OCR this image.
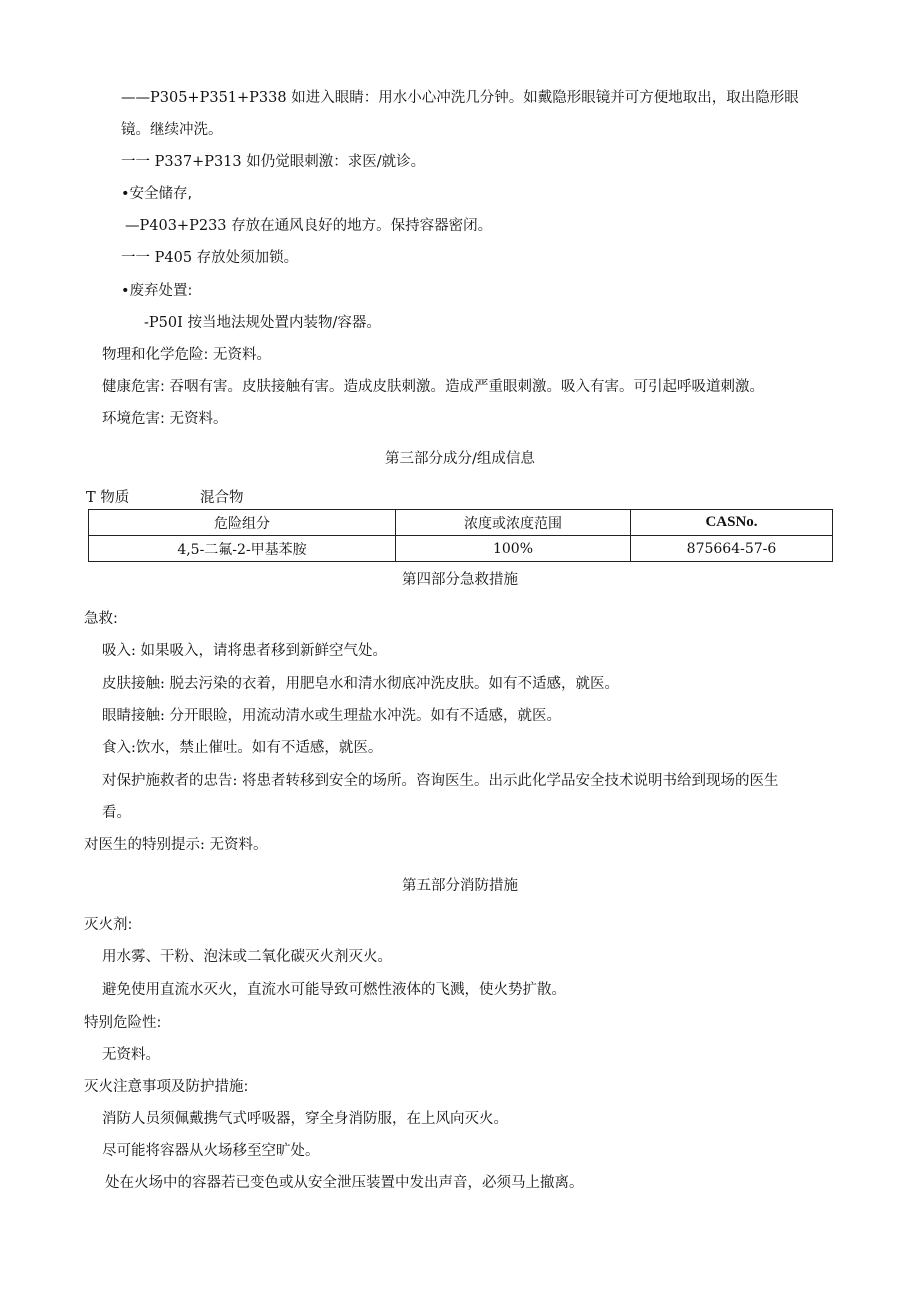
——P305+P351+P338 如进入眼睛：用水小心冲洗几分钟。如戴隐形眼镜并可方便地取出，取出隐形眼
镜。继续冲洗。
一一 P337+P313 如仍觉眼刺激：求医/就诊。
•安全储存,
—P403+P233 存放在通风良好的地方。保持容器密闭。
一一 P405 存放处须加锁。
•废弃处置:
-P50I 按当地法规处置内装物/容器。
物理和化学危险: 无资料。
健康危害: 吞咽有害。皮肤接触有害。造成皮肤刺激。造成严重眼刺激。吸入有害。可引起呼吸道刺激。
环境危害: 无资料。
第三部分成分/组成信息
T 物质	混合物
危险组分	浓度或浓度范围	CASNo.
4,5-二氟-2-甲基苯胺	100%	875664-57-6
第四部分急救措施
急救:
吸入: 如果吸入，请将患者移到新鲜空气处。
皮肤接触: 脱去污染的衣着，用肥皂水和清水彻底冲洗皮肤。如有不适感，就医。
眼睛接触: 分开眼睑，用流动清水或生理盐水冲洗。如有不适感，就医。
食入:饮水，禁止催吐。如有不适感，就医。
对保护施救者的忠告: 将患者转移到安全的场所。咨询医生。出示此化学品安全技术说明书给到现场的医生
看。
对医生的特别提示: 无资料。
第五部分消防措施
灭火剂:
用水雾、干粉、泡沫或二氧化碳灭火剂灭火。
避免使用直流水灭火，直流水可能导致可燃性液体的飞溅，使火势扩散。
特别危险性:
无资料。
灭火注意事项及防护措施:
消防人员须佩戴携气式呼吸器，穿全身消防服，在上风向灭火。
尽可能将容器从火场移至空旷处。
处在火场中的容器若已变色或从安全泄压装置中发出声音，必须马上撤离。
